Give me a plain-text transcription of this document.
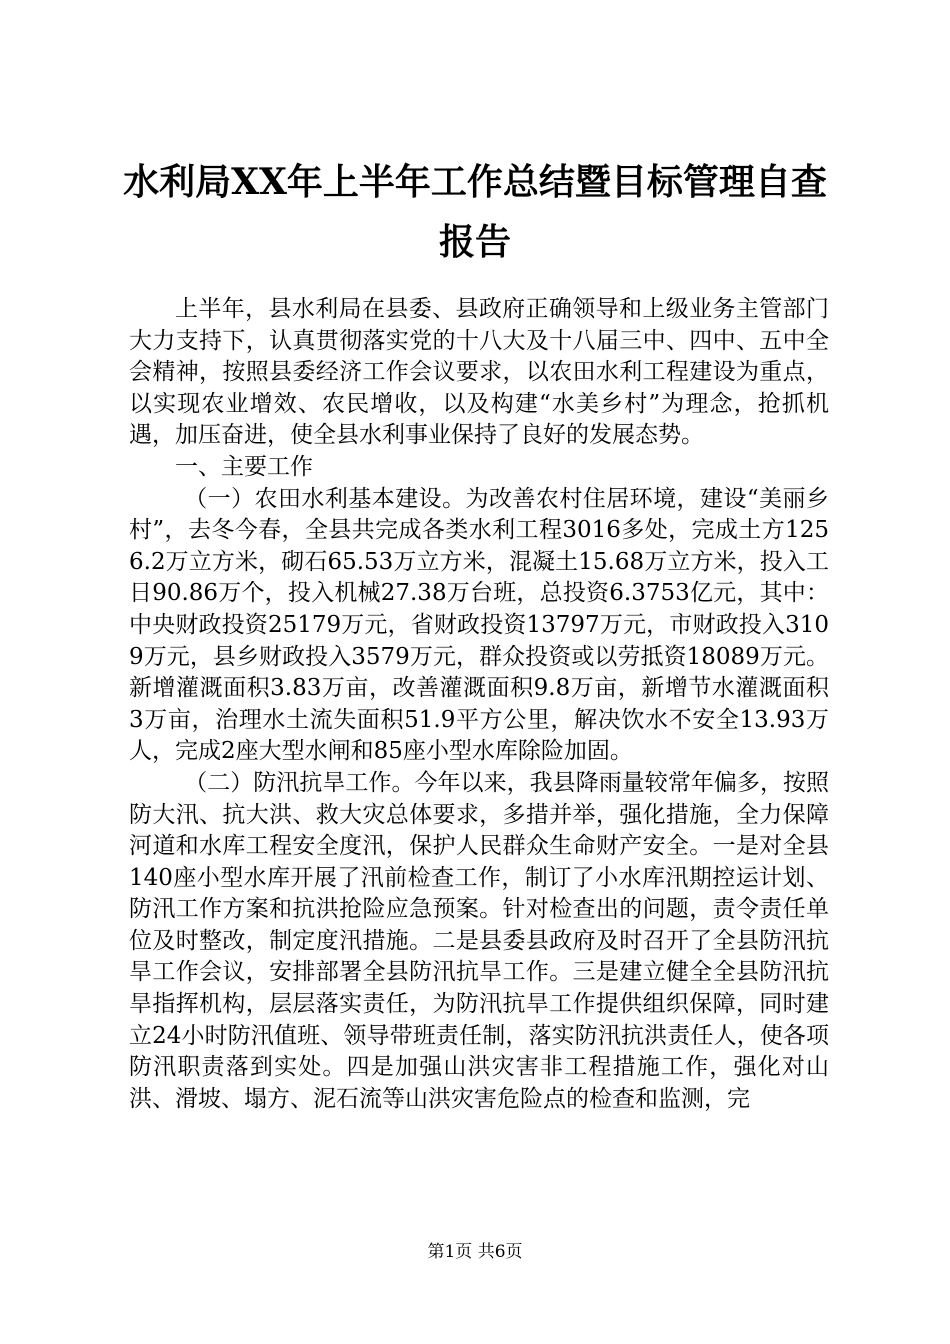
水利局XX年上半年工作总结暨目标管理自查
报告

上半年，县水利局在县委、县政府正确领导和上级业务主管部门大力支持下，认真贯彻落实党的十八大及十八届三中、四中、五中全会精神，按照县委经济工作会议要求，以农田水利工程建设为重点，以实现农业增效、农民增收，以及构建“水美乡村”为理念，抢抓机遇，加压奋进，使全县水利事业保持了良好的发展态势。

一、主要工作

（一）农田水利基本建设。为改善农村住居环境，建设“美丽乡村”，去冬今春，全县共完成各类水利工程3016多处，完成土方1256.2万立方米，砌石65.53万立方米，混凝土15.68万立方米，投入工日90.86万个，投入机械27.38万台班，总投资6.3753亿元，其中：中央财政投资25179万元，省财政投资13797万元，市财政投入3109万元，县乡财政投入3579万元，群众投资或以劳抵资18089万元。新增灌溉面积3.83万亩，改善灌溉面积9.8万亩，新增节水灌溉面积3万亩，治理水土流失面积51.9平方公里，解决饮水不安全13.93万人，完成2座大型水闸和85座小型水库除险加固。

（二）防汛抗旱工作。今年以来，我县降雨量较常年偏多，按照防大汛、抗大洪、救大灾总体要求，多措并举，强化措施，全力保障河道和水库工程安全度汛，保护人民群众生命财产安全。一是对全县140座小型水库开展了汛前检查工作，制订了小水库汛期控运计划、防汛工作方案和抗洪抢险应急预案。针对检查出的问题，责令责任单位及时整改，制定度汛措施。二是县委县政府及时召开了全县防汛抗旱工作会议，安排部署全县防汛抗旱工作。三是建立健全全县防汛抗旱指挥机构，层层落实责任，为防汛抗旱工作提供组织保障，同时建立24小时防汛值班、领导带班责任制，落实防汛抗洪责任人，使各项防汛职责落到实处。四是加强山洪灾害非工程措施工作，强化对山洪、滑坡、塌方、泥石流等山洪灾害危险点的检查和监测，完

第1页 共6页
